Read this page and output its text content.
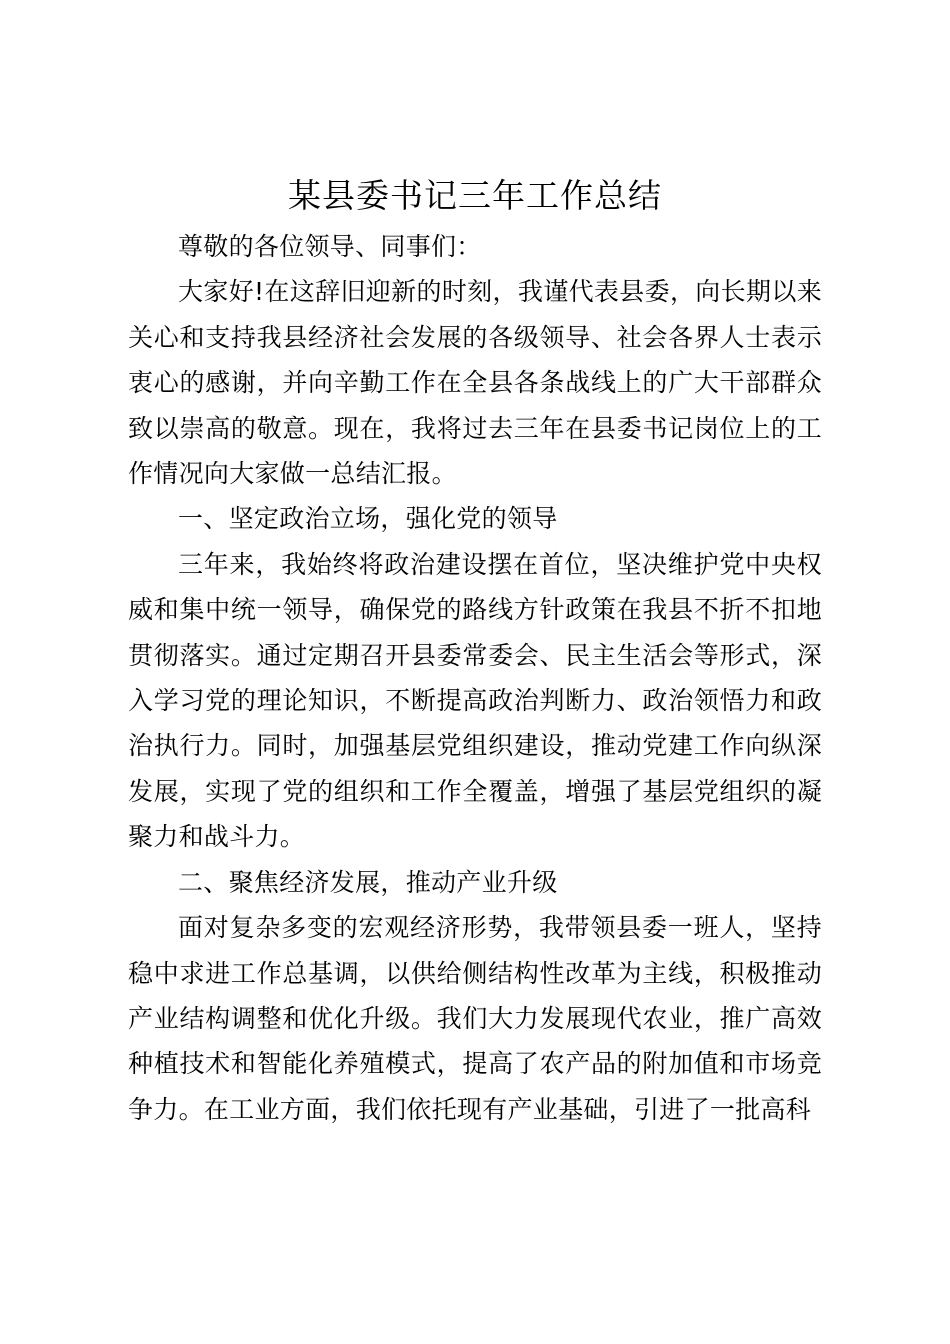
某县委书记三年工作总结

尊敬的各位领导、同事们：

大家好!在这辞旧迎新的时刻，我谨代表县委，向长期以来关心和支持我县经济社会发展的各级领导、社会各界人士表示衷心的感谢，并向辛勤工作在全县各条战线上的广大干部群众致以崇高的敬意。现在，我将过去三年在县委书记岗位上的工作情况向大家做一总结汇报。

一、坚定政治立场，强化党的领导

三年来，我始终将政治建设摆在首位，坚决维护党中央权威和集中统一领导，确保党的路线方针政策在我县不折不扣地贯彻落实。通过定期召开县委常委会、民主生活会等形式，深入学习党的理论知识，不断提高政治判断力、政治领悟力和政治执行力。同时，加强基层党组织建设，推动党建工作向纵深发展，实现了党的组织和工作全覆盖，增强了基层党组织的凝聚力和战斗力。

二、聚焦经济发展，推动产业升级

面对复杂多变的宏观经济形势，我带领县委一班人，坚持稳中求进工作总基调，以供给侧结构性改革为主线，积极推动产业结构调整和优化升级。我们大力发展现代农业，推广高效种植技术和智能化养殖模式，提高了农产品的附加值和市场竞争力。在工业方面，我们依托现有产业基础，引进了一批高科
